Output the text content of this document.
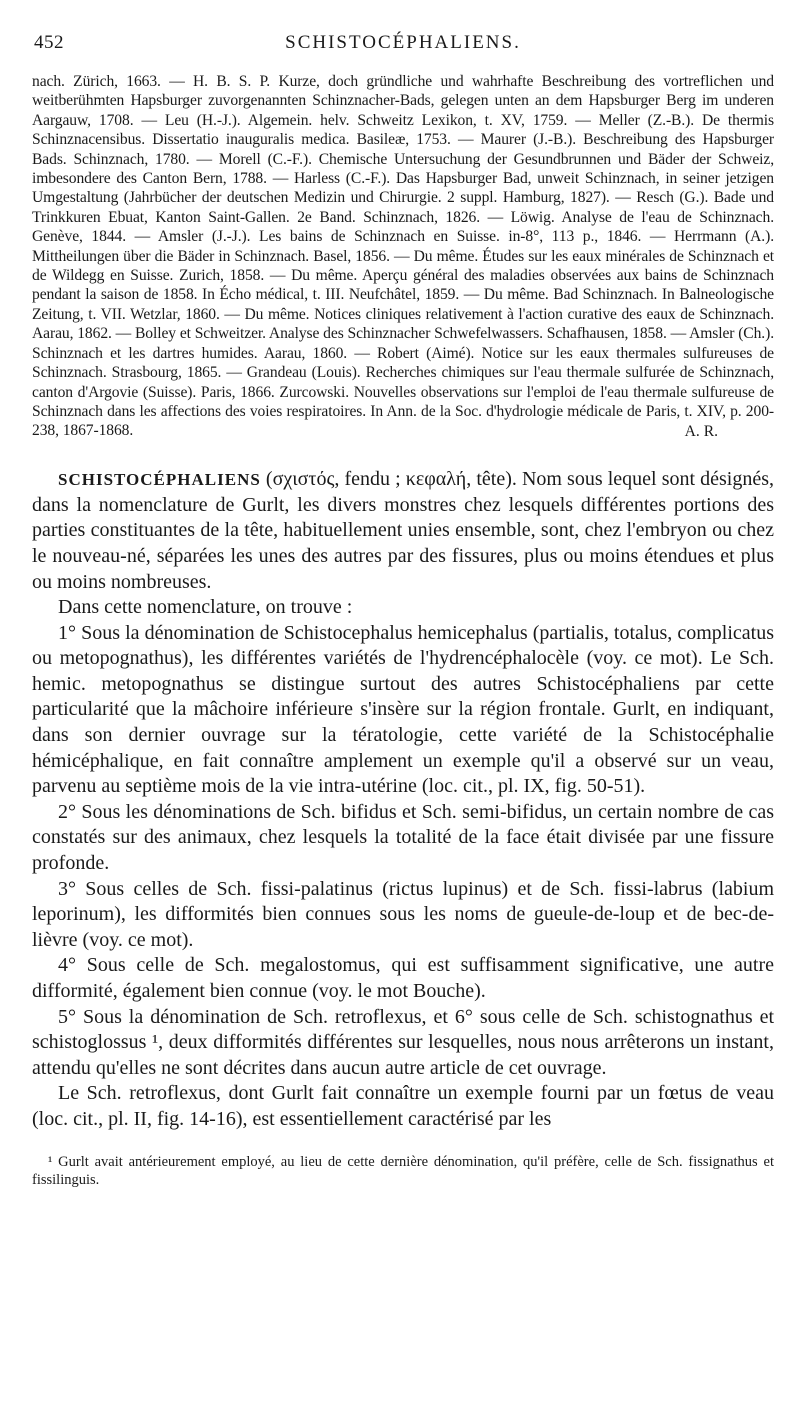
452	SCHISTOCÉPHALIENS.

nach. Zürich, 1663. — H. B. S. P. Kurze, doch gründliche und wahrhafte Beschreibung des vortreflichen und weitberühmten Hapsburger zuvorgenannten Schinznacher-Bads, gelegen unten an dem Hapsburger Berg im underen Aargauw, 1708. — Leu (H.-J.). Algemein. helv. Schweitz Lexikon, t. XV, 1759. — Meller (Z.-B.). De thermis Schinznacensibus. Dissertatio inauguralis medica. Basileæ, 1753. — Maurer (J.-B.). Beschreibung des Hapsburger Bads. Schinznach, 1780. — Morell (C.-F.). Chemische Untersuchung der Gesundbrunnen und Bäder der Schweiz, imbesondere des Canton Bern, 1788. — Harless (C.-F.). Das Hapsburger Bad, unweit Schinznach, in seiner jetzigen Umgestaltung (Jahrbücher der deutschen Medizin und Chirurgie. 2 suppl. Hamburg, 1827). — Resch (G.). Bade und Trinkkuren Ebuat, Kanton Saint-Gallen. 2e Band. Schinznach, 1826. — Löwig. Analyse de l'eau de Schinznach. Genève, 1844. — Amsler (J.-J.). Les bains de Schinznach en Suisse. in-8°, 113 p., 1846. — Herrmann (A.). Mittheilungen über die Bäder in Schinznach. Basel, 1856. — Du même. Études sur les eaux minérales de Schinznach et de Wildegg en Suisse. Zurich, 1858. — Du même. Aperçu général des maladies observées aux bains de Schinznach pendant la saison de 1858. In Écho médical, t. III. Neufchâtel, 1859. — Du même. Bad Schinznach. In Balneologische Zeitung, t. VII. Wetzlar, 1860. — Du même. Notices cliniques relativement à l'action curative des eaux de Schinznach. Aarau, 1862. — Bolley et Schweitzer. Analyse des Schinznacher Schwefelwassers. Schafhausen, 1858. — Amsler (Ch.). Schinznach et les dartres humides. Aarau, 1860. — Robert (Aimé). Notice sur les eaux thermales sulfureuses de Schinznach. Strasbourg, 1865. — Grandeau (Louis). Recherches chimiques sur l'eau thermale sulfurée de Schinznach, canton d'Argovie (Suisse). Paris, 1866. Zurcowski. Nouvelles observations sur l'emploi de l'eau thermale sulfureuse de Schinznach dans les affections des voies respiratoires. In Ann. de la Soc. d'hydrologie médicale de Paris, t. XIV, p. 200-238, 1867-1868.	A. R.

SCHISTOCÉPHALIENS (σχιστός, fendu ; κεφαλή, tête). Nom sous lequel sont désignés, dans la nomenclature de Gurlt, les divers monstres chez lesquels différentes portions des parties constituantes de la tête, habituellement unies ensemble, sont, chez l'embryon ou chez le nouveau-né, séparées les unes des autres par des fissures, plus ou moins étendues et plus ou moins nombreuses.

Dans cette nomenclature, on trouve :

1° Sous la dénomination de Schistocephalus hemicephalus (partialis, totalus, complicatus ou metopognathus), les différentes variétés de l'hydrencéphalocèle (voy. ce mot). Le Sch. hemic. metopognathus se distingue surtout des autres Schistocéphaliens par cette particularité que la mâchoire inférieure s'insère sur la région frontale. Gurlt, en indiquant, dans son dernier ouvrage sur la tératologie, cette variété de la Schistocéphalie hémicéphalique, en fait connaître amplement un exemple qu'il a observé sur un veau, parvenu au septième mois de la vie intra-utérine (loc. cit., pl. IX, fig. 50-51).

2° Sous les dénominations de Sch. bifidus et Sch. semi-bifidus, un certain nombre de cas constatés sur des animaux, chez lesquels la totalité de la face était divisée par une fissure profonde.

3° Sous celles de Sch. fissi-palatinus (rictus lupinus) et de Sch. fissi-labrus (labium leporinum), les difformités bien connues sous les noms de gueule-de-loup et de bec-de-lièvre (voy. ce mot).

4° Sous celle de Sch. megalostomus, qui est suffisamment significative, une autre difformité, également bien connue (voy. le mot Bouche).

5° Sous la dénomination de Sch. retroflexus, et 6° sous celle de Sch. schistognathus et schistoglossus ¹, deux difformités différentes sur lesquelles, nous nous arrêterons un instant, attendu qu'elles ne sont décrites dans aucun autre article de cet ouvrage.

Le Sch. retroflexus, dont Gurlt fait connaître un exemple fourni par un fœtus de veau (loc. cit., pl. II, fig. 14-16), est essentiellement caractérisé par les

¹ Gurlt avait antérieurement employé, au lieu de cette dernière dénomination, qu'il préfère, celle de Sch. fissignathus et fissilinguis.
